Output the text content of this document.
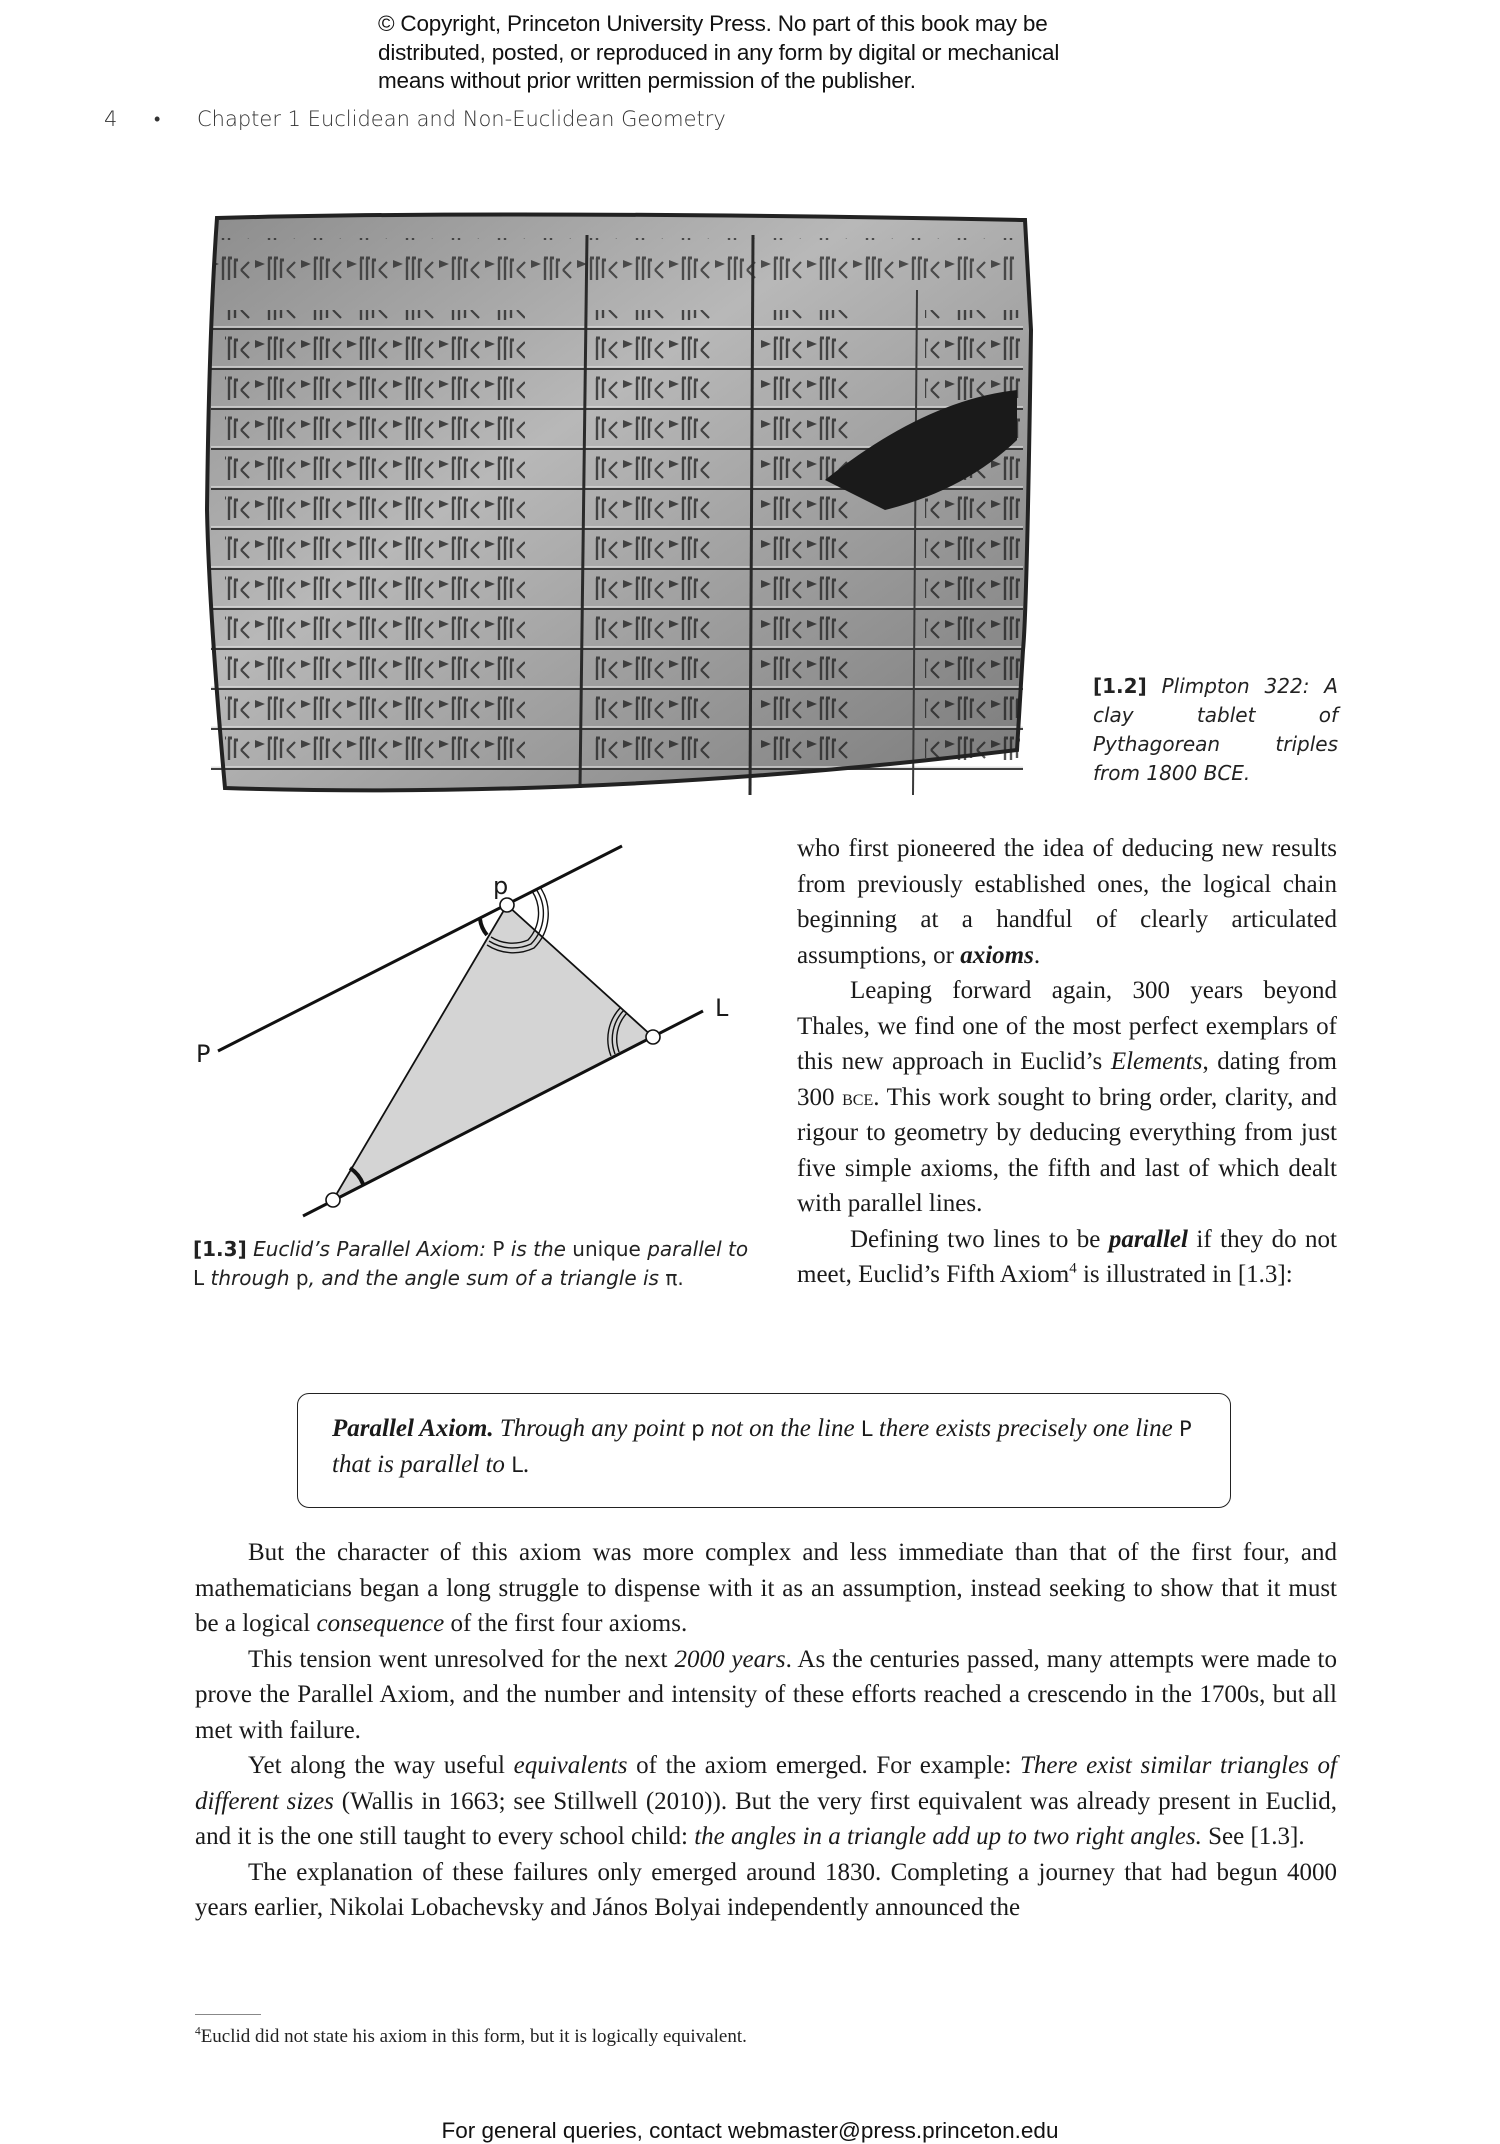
© Copyright, Princeton University Press. No part of this book may be
distributed, posted, or reproduced in any form by digital or mechanical
means without prior written permission of the publisher.
4	•	Chapter 1 Euclidean and Non-Euclidean Geometry
[1.2] Plimpton 322: A clay tablet of Pythagorean triples from 1800 BCE.
p
P
L
[1.3] Euclid’s Parallel Axiom: P is the unique parallel to L through p, and the angle sum of a triangle is π.

who first pioneered the idea of deducing new results from previously established ones, the logical chain beginning at a handful of clearly articulated assumptions, or axioms.

Leaping forward again, 300 years beyond Thales, we find one of the most perfect exemplars of this new approach in Euclid’s Elements, dating from 300 bce. This work sought to bring order, clarity, and rigour to geometry by deducing everything from just five simple axioms, the fifth and last of which dealt with parallel lines.

Defining two lines to be parallel if they do not meet, Euclid’s Fifth Axiom$^4$ is illustrated in [1.3]:

Parallel Axiom. Through any point p not on the line L there exists precisely one line P that is parallel to L.

But the character of this axiom was more complex and less immediate than that of the first four, and mathematicians began a long struggle to dispense with it as an assumption, instead seeking to show that it must be a logical consequence of the first four axioms.

This tension went unresolved for the next 2000 years. As the centuries passed, many attempts were made to prove the Parallel Axiom, and the number and intensity of these efforts reached a crescendo in the 1700s, but all met with failure.

Yet along the way useful equivalents of the axiom emerged. For example: There exist similar triangles of different sizes (Wallis in 1663; see Stillwell (2010)). But the very first equivalent was already present in Euclid, and it is the one still taught to every school child: the angles in a triangle add up to two right angles. See [1.3].

The explanation of these failures only emerged around 1830. Completing a journey that had begun 4000 years earlier, Nikolai Lobachevsky and János Bolyai independently announced the

$^4$Euclid did not state his axiom in this form, but it is logically equivalent.
For general queries, contact webmaster@press.princeton.edu
